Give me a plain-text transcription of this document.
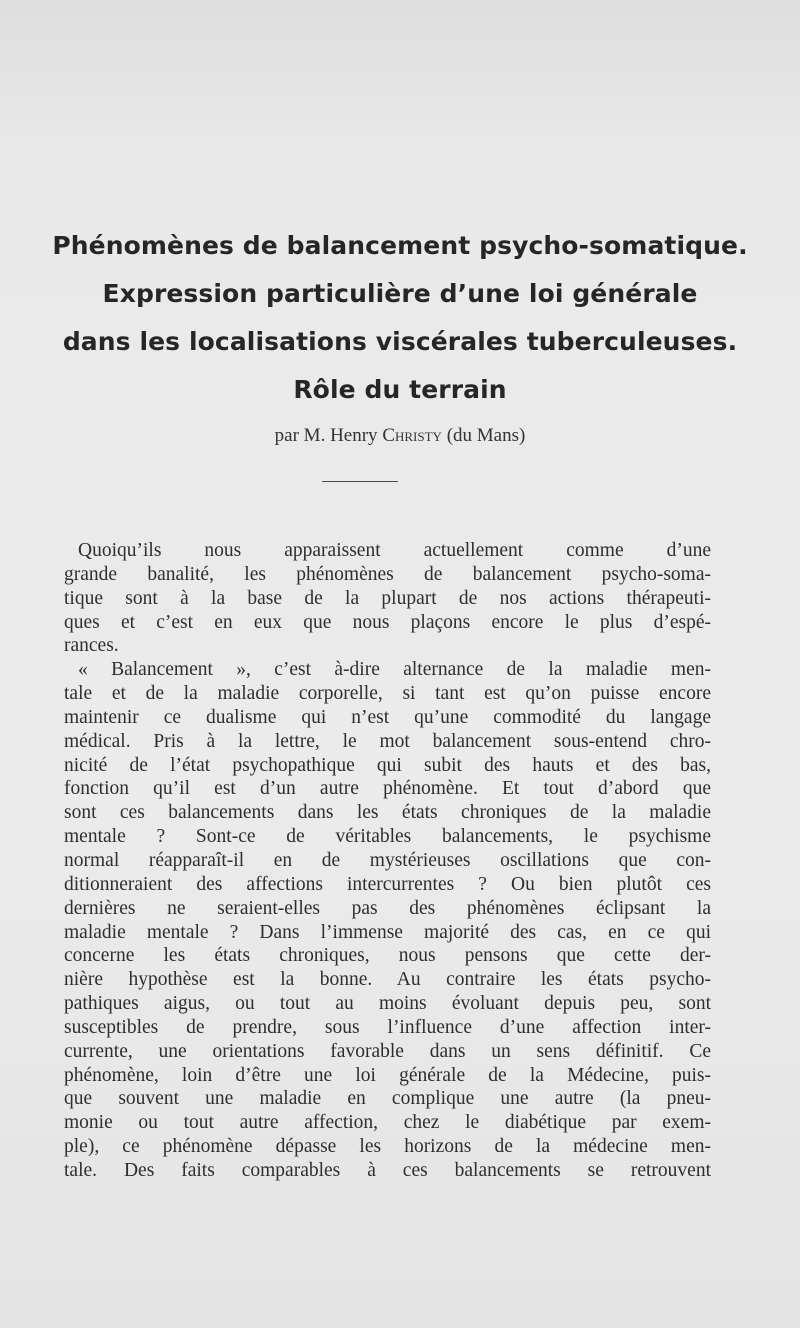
Phénomènes de balancement psycho-somatique.

Expression particulière d’une loi générale

dans les localisations viscérales tuberculeuses.

Rôle du terrain

par M. Henry Christy (du Mans)

Quoiqu’ils nous apparaissent actuellement comme d’une
grande banalité, les phénomènes de balancement psycho-soma-
tique sont à la base de la plupart de nos actions thérapeuti-
ques et c’est en eux que nous plaçons encore le plus d’espé-
rances.

« Balancement », c’est à-dire alternance de la maladie men-
tale et de la maladie corporelle, si tant est qu’on puisse encore
maintenir ce dualisme qui n’est qu’une commodité du langage
médical. Pris à la lettre, le mot balancement sous-entend chro-
nicité de l’état psychopathique qui subit des hauts et des bas,
fonction qu’il est d’un autre phénomène. Et tout d’abord que
sont ces balancements dans les états chroniques de la maladie
mentale ? Sont-ce de véritables balancements, le psychisme
normal réapparaît-il en de mystérieuses oscillations que con-
ditionneraient des affections intercurrentes ? Ou bien plutôt ces
dernières ne seraient-elles pas des phénomènes éclipsant la
maladie mentale ? Dans l’immense majorité des cas, en ce qui
concerne les états chroniques, nous pensons que cette der-
nière hypothèse est la bonne. Au contraire les états psycho-
pathiques aigus, ou tout au moins évoluant depuis peu, sont
susceptibles de prendre, sous l’influence d’une affection inter-
currente, une orientations favorable dans un sens définitif. Ce
phénomène, loin d’être une loi générale de la Médecine, puis-
que souvent une maladie en complique une autre (la pneu-
monie ou tout autre affection, chez le diabétique par exem-
ple), ce phénomène dépasse les horizons de la médecine men-
tale. Des faits comparables à ces balancements se retrouvent
